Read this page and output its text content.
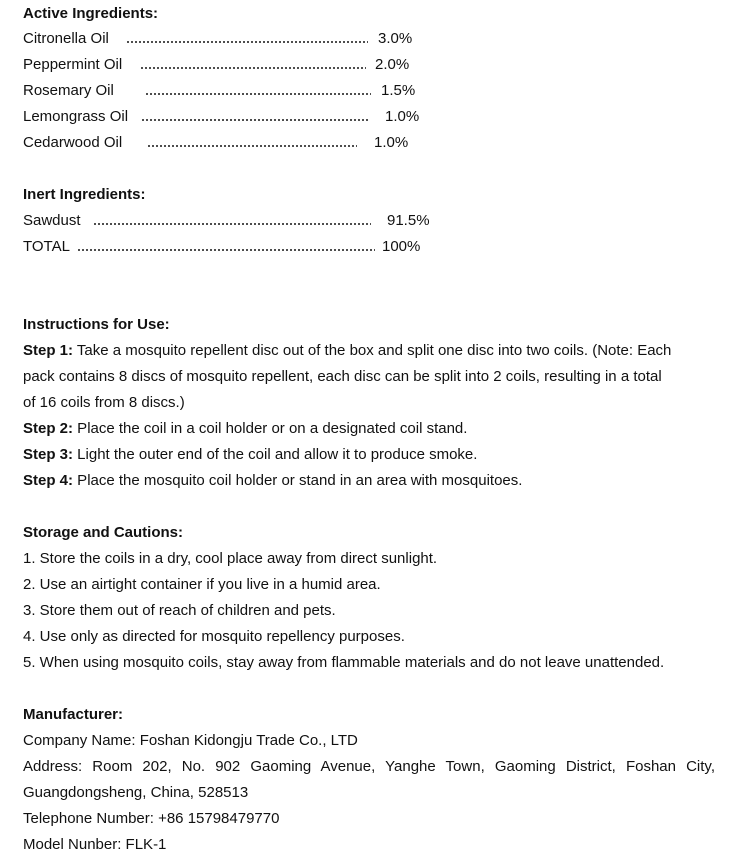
Active Ingredients:
Citronella Oil	3.0%
Peppermint Oil	2.0%
Rosemary Oil	1.5%
Lemongrass Oil	1.0%
Cedarwood Oil	1.0%
Inert Ingredients:
Sawdust	91.5%
TOTAL	100%
Instructions for Use:
Step 1: Take a mosquito repellent disc out of the box and split one disc into two coils. (Note: Each
pack contains 8 discs of mosquito repellent, each disc can be split into 2 coils, resulting in a total
of 16 coils from 8 discs.)
Step 2: Place the coil in a coil holder or on a designated coil stand.
Step 3: Light the outer end of the coil and allow it to produce smoke.
Step 4: Place the mosquito coil holder or stand in an area with mosquitoes.
Storage and Cautions:
1. Store the coils in a dry, cool place away from direct sunlight.
2. Use an airtight container if you live in a humid area.
3. Store them out of reach of children and pets.
4. Use only as directed for mosquito repellency purposes.
5. When using mosquito coils, stay away from flammable materials and do not leave unattended.
Manufacturer:
Company Name: Foshan Kidongju Trade Co., LTD
Address: Room 202, No. 902 Gaoming Avenue, Yanghe Town, Gaoming District, Foshan City,
Guangdongsheng, China, 528513
Telephone Number: +86 15798479770
Model Nunber: FLK-1
